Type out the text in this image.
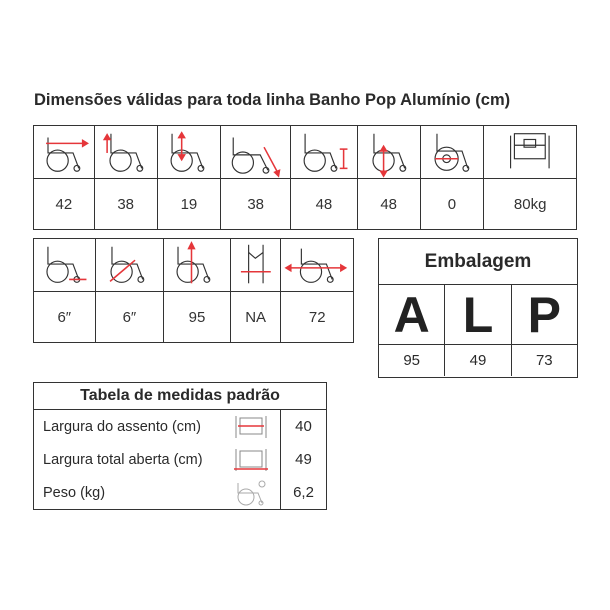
Dimensões válidas para toda linha Banho Pop Alumínio (cm)
42	38	19	38	48	48	0	80kg
6″	6″	95	NA	72
Embalagem
A L P
95	49	73
Tabela de medidas padrão
Largura do assento (cm)	40
Largura total aberta (cm)	49
Peso (kg)	6,2
